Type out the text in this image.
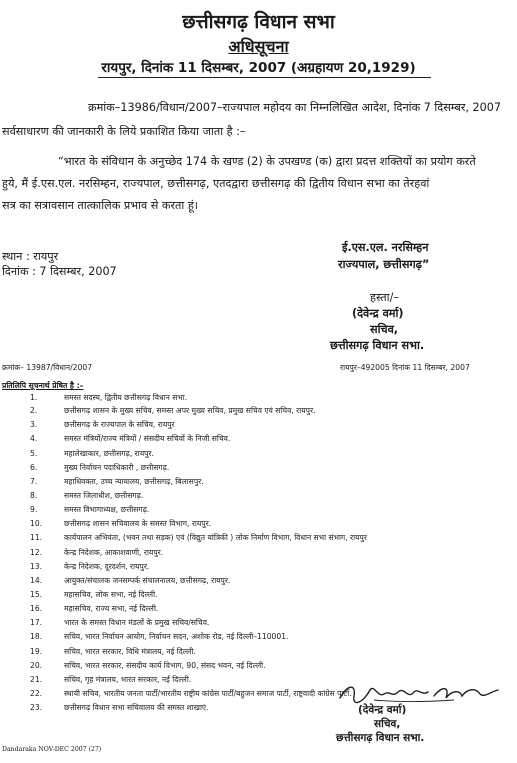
छत्तीसगढ़ विधान सभा
अधिसूचना
रायपुर, दिनांक 11 दिसम्बर, 2007 (अग्रहायण 20,1929)
क्रमांक–13986/विधान/2007–राज्यपाल महोदय का निम्नलिखित आदेश, दिनांक 7 दिसम्बर, 2007
सर्वसाधारण की जानकारी के लिये प्रकाशित किया जाता है :–
“भारत के संविधान के अनुच्छेद 174 के खण्ड (2) के उपखण्ड (क) द्वारा प्रदत्त शक्तियों का प्रयोग करते
हुये, मैं ई.एस.एल. नरसिम्हन, राज्यपाल, छत्तीसगढ़, एतदद्वारा छत्तीसगढ़ की द्वितीय विधान सभा का तेरहवां
सत्र का सत्रावसान तात्कालिक प्रभाव से करता हूं।
स्थान : रायपुर
दिनांक : 7 दिसम्बर, 2007
ई.एस.एल. नरसिम्हन
राज्यपाल, छत्तीसगढ़”
हस्ता/–
(देवेन्द्र वर्मा)
सचिव,
छत्तीसगढ़ विधान सभा.
क्रमांक– 13987/विधान/2007	रायपुर–492005 दिनांक 11 दिसम्बर, 2007
प्रतिलिपि सूचनार्थ प्रेषित है :–
1.	समस्त सदस्य, द्वितीय छत्तीसगढ़ विधान सभा.
2.	छत्तीसगढ़ शासन के मुख्य सचिव, समस्त अपर मुख्य सचिव, प्रमुख सचिव एवं सचिव, रायपुर.
3.	छत्तीसगढ़ के राज्यपाल के सचिव, रायपुर
4.	समस्त मंत्रियों/राज्य मंत्रियों / संसदीय सचिवों के निजी सचिव.
5.	महालेखाकार, छत्तीसगढ़, रायपुर.
6.	मुख्य निर्वाचन पदाधिकारी , छत्तीसगढ़.
7.	महाधिवक्ता, उच्च न्यायालय, छत्तीसगढ़, बिलासपुर.
8.	समस्त जिलाधीश, छत्तीसगढ़.
9.	समस्त विभागाध्यक्ष, छत्तीसगढ़.
10.	छत्तीसगढ़ शासन सचिवालय के समस्त विभाग, रायपुर.
11.	कार्यपालन अभियंता, (भवन तथा सड़क) एवं (विद्युत यांत्रिकी ) लोक निर्माण विभाग, विधान सभा संभाग, रायपुर
12.	केन्द्र निदेशक, आकाशवाणी, रायपुर.
13.	केन्द्र निदेशक, दूरदर्शन, रायपुर.
14.	आयुक्त/संचालक जनसम्पर्क संचालनालय, छत्तीसगढ़, रायपुर.
15.	महासचिव, लोक सभा, नई दिल्ली.
16.	महासचिव, राज्य सभा, नई दिल्ली.
17.	भारत के समस्त विधान मंडलों के प्रमुख सचिव/सचिव.
18.	सचिव, भारत निर्वाचन आयोग, निर्वाचन सदन, अशोक रोड, नई दिल्ली–110001.
19.	सचिव, भारत सरकार, विधि मंत्रालय, नई दिल्ली.
20.	सचिव, भारत सरकार, संसदीय कार्य विभाग, 90, संसद भवन, नई दिल्ली.
21.	सचिव, गृह मंत्रालय, भारत सरकार, नई दिल्ली.
22.	स्थायी सचिव, भारतीय जनता पार्टी/भारतीय राष्ट्रीय कांग्रेस पार्टी/बहुजन समाज पार्टी, राष्ट्रवादी कांग्रेस पार्टी.
23.	छत्तीसगढ़ विधान सभा सचिवालय की समस्त शाखाएं.	(देवेन्द्र वर्मा)
सचिव,
छत्तीसगढ़ विधान सभा.
Dandaraka NOV-DEC 2007 (27)
